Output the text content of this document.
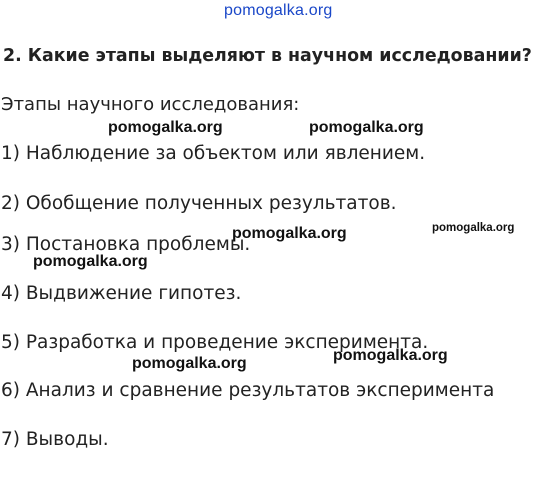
pomogalka.org
2. Какие этапы выделяют в научном исследовании?
Этапы научного исследования:
1) Наблюдение за объектом или явлением.
2) Обобщение полученных результатов.
3) Постановка проблемы.
4) Выдвижение гипотез.
5) Разработка и проведение эксперимента.
6) Анализ и сравнение результатов эксперимента
7) Выводы.
pomogalka.org	pomogalka.org
pomogalka.org	pomogalka.org
pomogalka.org
pomogalka.org	pomogalka.org
